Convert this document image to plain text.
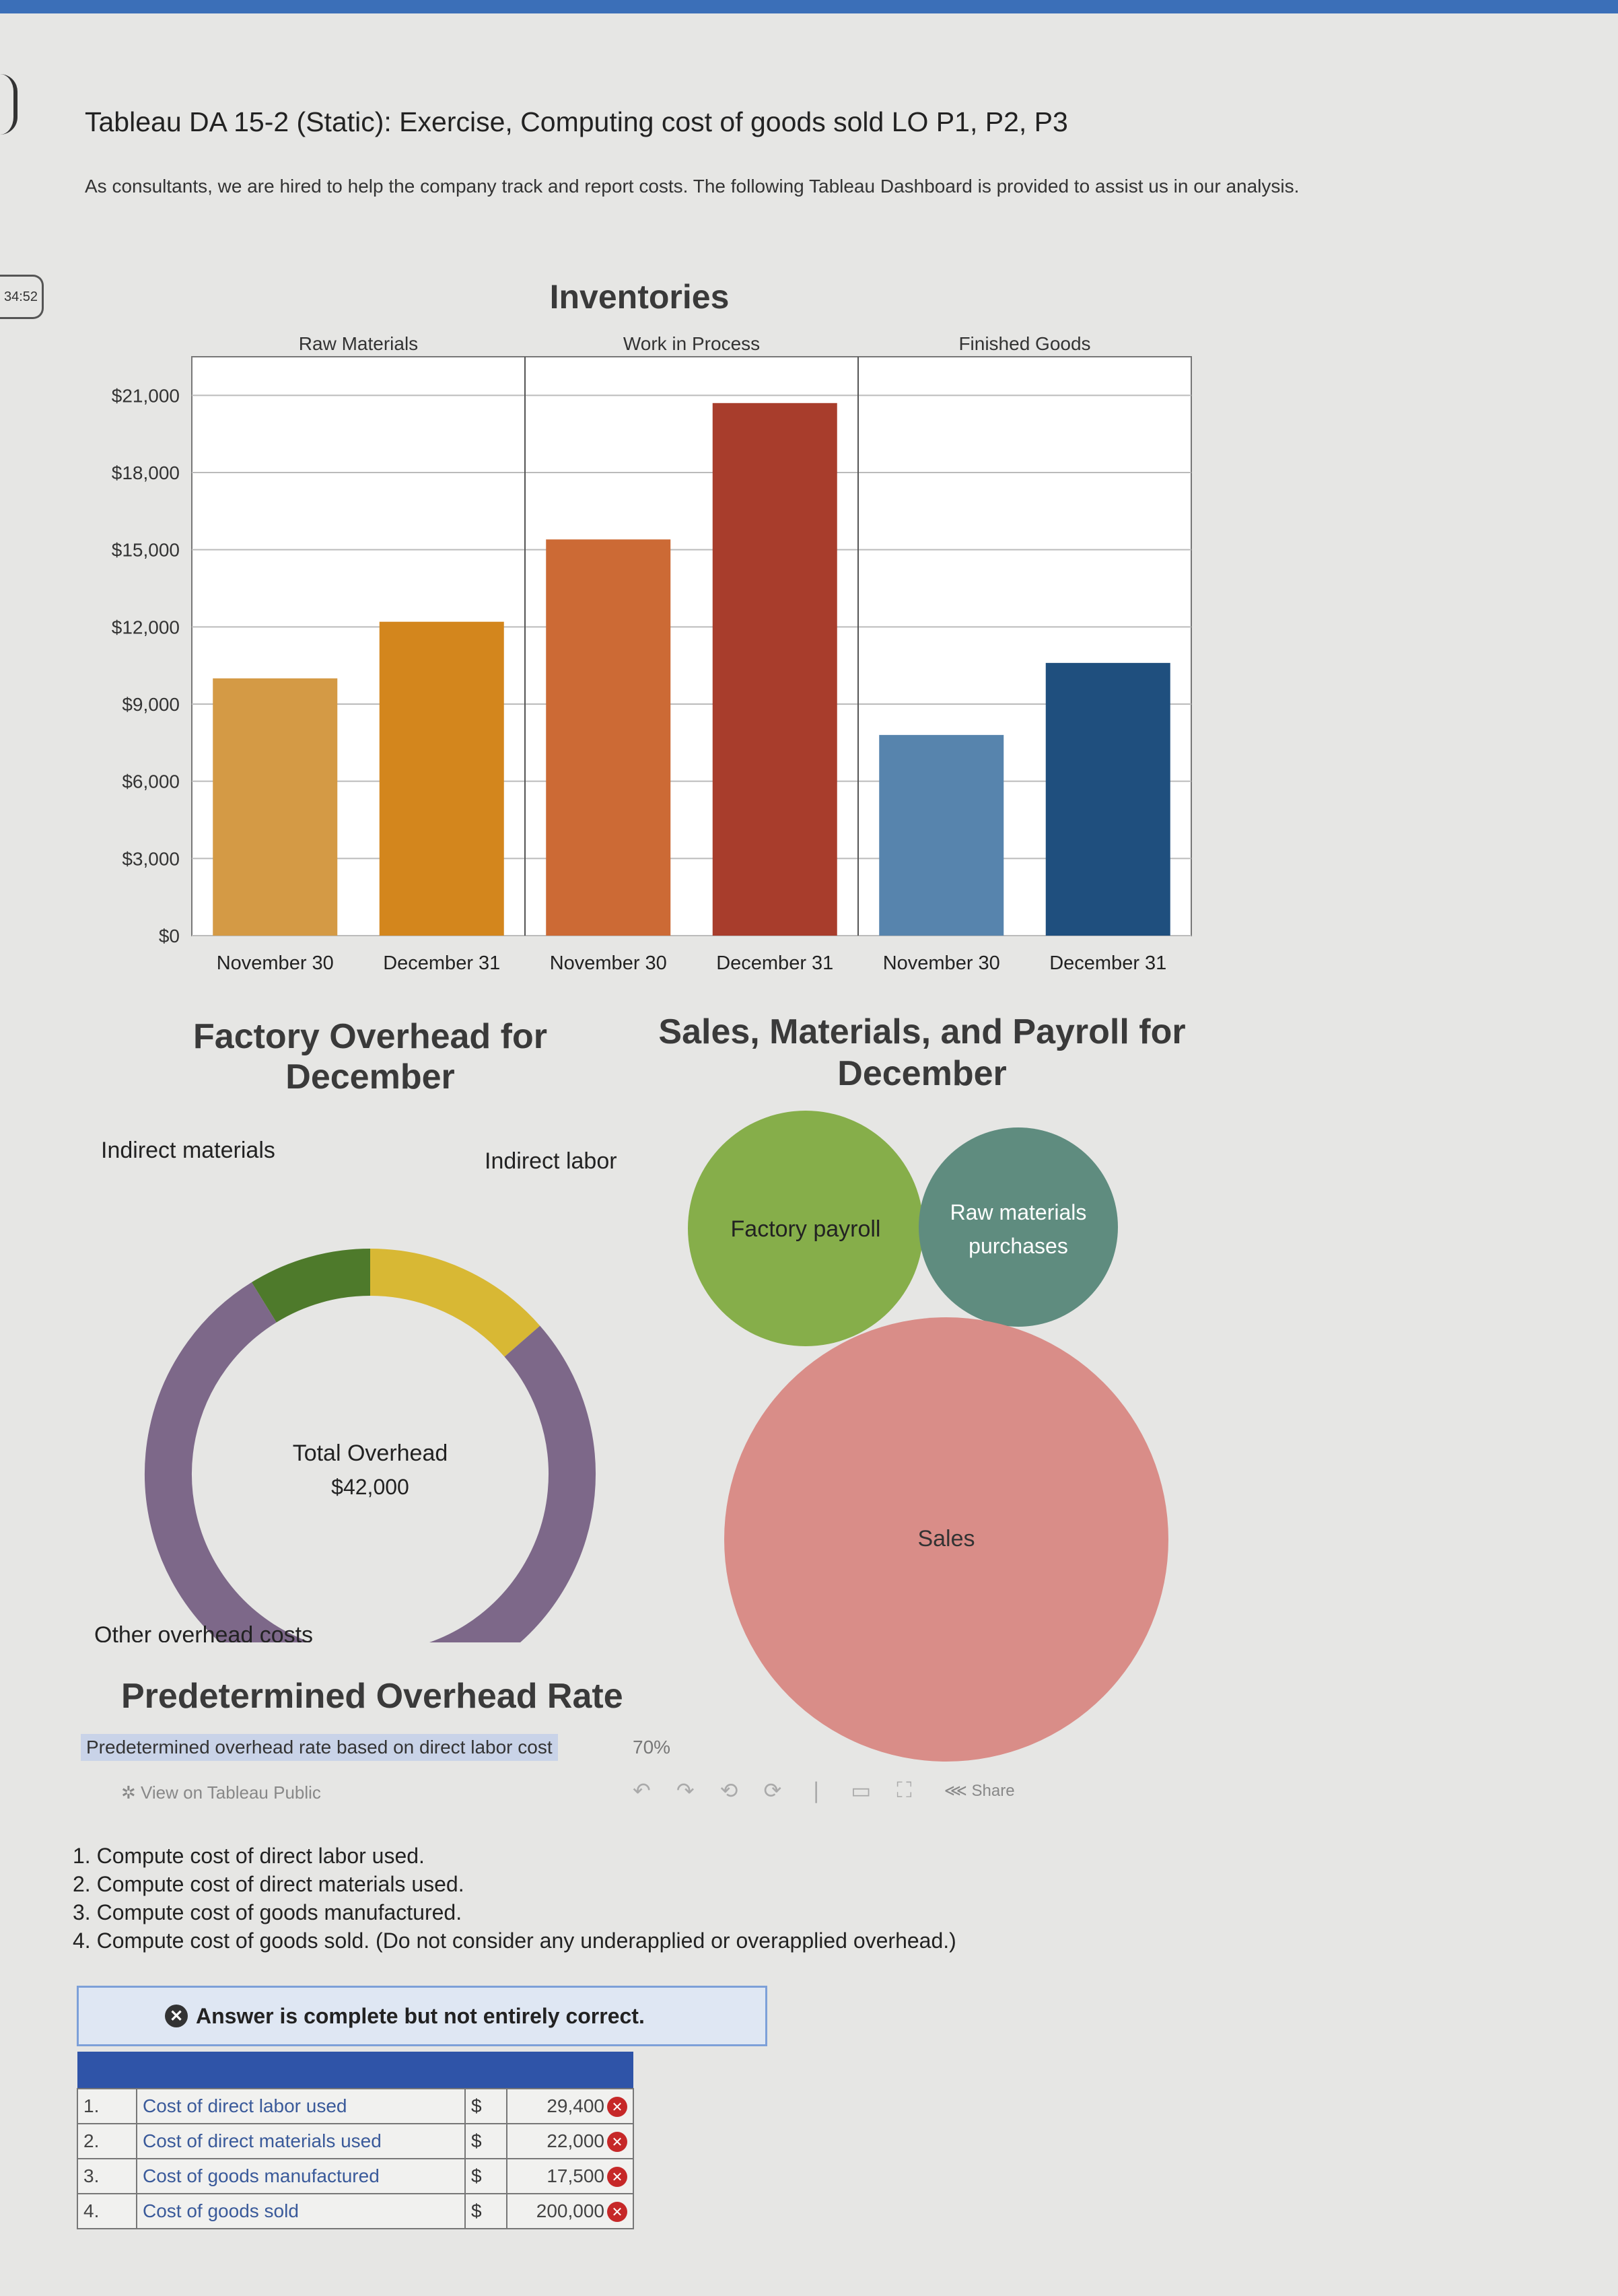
34:52
Tableau DA 15-2 (Static): Exercise, Computing cost of goods sold LO P1, P2, P3
As consultants, we are hired to help the company track and report costs. The following Tableau Dashboard is provided to assist us in our analysis.
Inventories
$0
$3,000
$6,000
$9,000
$12,000
$15,000
$18,000
$21,000
Raw Materials	Work in Process	Finished Goods
November 30	December 31	November 30	December 31	November 30	December 31
Factory Overhead for
December
Total Overhead
$42,000
Indirect materials	Indirect labor
Other overhead costs
Sales, Materials, and Payroll for
December
Factory payroll
Raw materials
purchases
Sales
Predetermined Overhead Rate
Predetermined overhead rate based on direct labor cost	70%
✲ View on Tableau Public	↶ ↷ ⟲ ⟳ ❘ ▭ ⛶ ⋘ Share
1. Compute cost of direct labor used.
2. Compute cost of direct materials used.
3. Compute cost of goods manufactured.
4. Compute cost of goods sold. (Do not consider any underapplied or overapplied overhead.)
✕ Answer is complete but not entirely correct.

1.	Cost of direct labor used	$	29,400 ✕
2.	Cost of direct materials used	$	22,000 ✕
3.	Cost of goods manufactured	$	17,500 ✕
4.	Cost of goods sold	$	200,000 ✕
